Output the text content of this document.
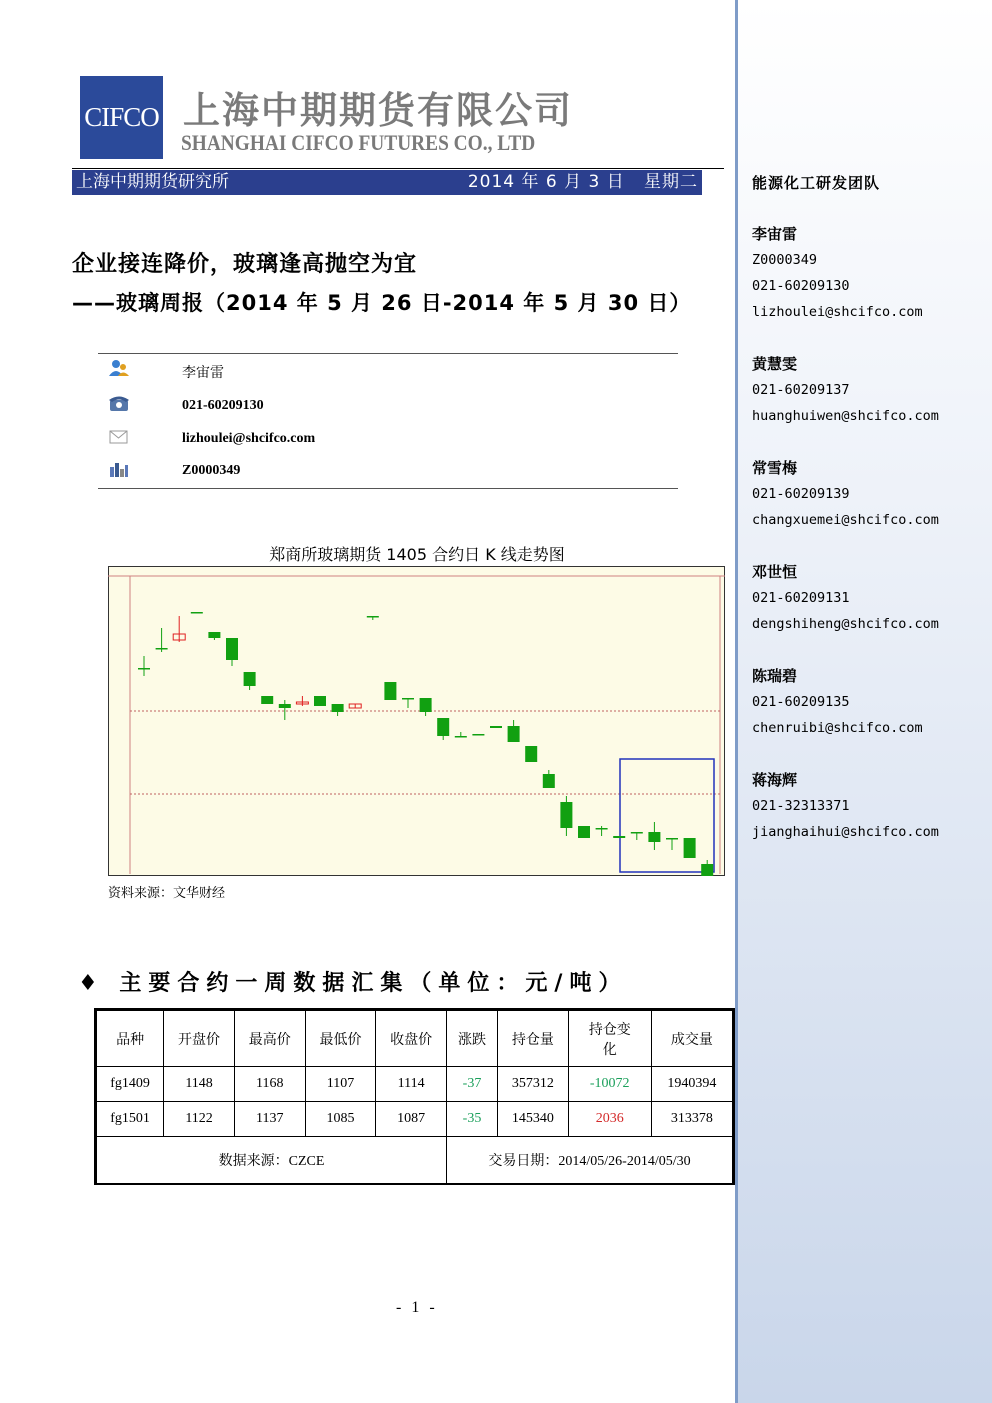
CIFCO 上海中期期货有限公司
SHANGHAI CIFCO FUTURES CO., LTD
上海中期期货研究所	2014 年 6 月 3 日 星期二
企业接连降价，玻璃逢高抛空为宜
——玻璃周报（2014 年 5 月 26 日-2014 年 5 月 30 日）
李宙雷
021-60209130
lizhoulei@shcifco.com
Z0000349
郑商所玻璃期货 1405 合约日 K 线走势图
资料来源：文华财经
♦ 主要合约一周数据汇集（单位：元/吨）
品种	开盘价	最高价	最低价	收盘价	涨跌	持仓量	持仓变化	成交量
fg1409	1148	1168	1107	1114	-37	357312	-10072	1940394
fg1501	1122	1137	1085	1087	-35	145340	2036	313378
数据来源：CZCE					交易日期：2014/05/26-2014/05/30			
- 1 -
能源化工研发团队
李宙雷
Z0000349
021-60209130
lizhoulei@shcifco.com
黄慧雯
021-60209137
huanghuiwen@shcifco.com
常雪梅
021-60209139
changxuemei@shcifco.com
邓世恒
021-60209131
dengshiheng@shcifco.com
陈瑞碧
021-60209135
chenruibi@shcifco.com
蒋海辉
021-32313371
jianghaihui@shcifco.com
